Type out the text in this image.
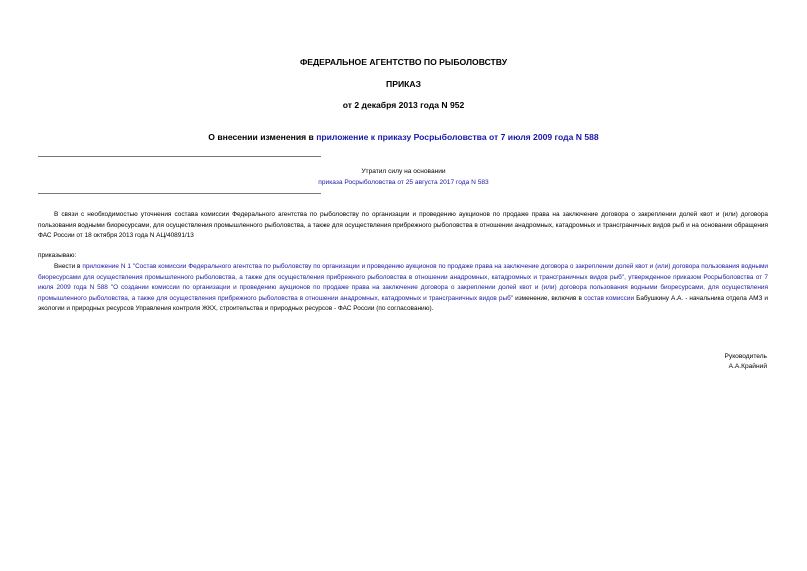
ФЕДЕРАЛЬНОЕ АГЕНТСТВО ПО РЫБОЛОВСТВУ
ПРИКАЗ
от 2 декабря 2013 года N 952
О внесении изменения в приложение к приказу Росрыболовства от 7 июля 2009 года N 588
Утратил силу на основании
приказа Росрыболовства от 25 августа 2017 года N 583
В связи с необходимостью уточнения состава комиссии Федерального агентства по рыболовству по организации и проведению аукционов по продаже права на заключение договора о закреплении долей квот и (или) договора пользования водными биоресурсами, для осуществления промышленного рыболовства, а также для осуществления прибрежного рыболовства в отношении анадромных, катадромных и трансграничных видов рыб и на основании обращения ФАС России от 18 октября 2013 года N АЦ/40891/13
приказываю:
Внести в приложение N 1 "Состав комиссии Федерального агентства по рыболовству по организации и проведению аукционов по продаже права на заключение договора о закреплении долей квот и (или) договора пользования водными биоресурсами для осуществления промышленного рыболовства, а также для осуществления прибрежного рыболовства в отношении анадромных, катадромных и трансграничных видов рыб", утвержденное приказом Росрыболовства от 7 июля 2009 года N 588 "О создании комиссии по организации и проведению аукционов по продаже права на заключение договора о закреплении долей квот и (или) договора пользования водными биоресурсами, для осуществления промышленного рыболовства, а также для осуществления прибрежного рыболовства в отношении анадромных, катадромных и трансграничных видов рыб" изменение, включив в состав комиссии Бабушкину А.А. - начальника отдела АМЗ и экологии и природных ресурсов Управления контроля ЖКХ, строительства и природных ресурсов - ФАС России (по согласованию).
Руководитель
А.А.Крайний
